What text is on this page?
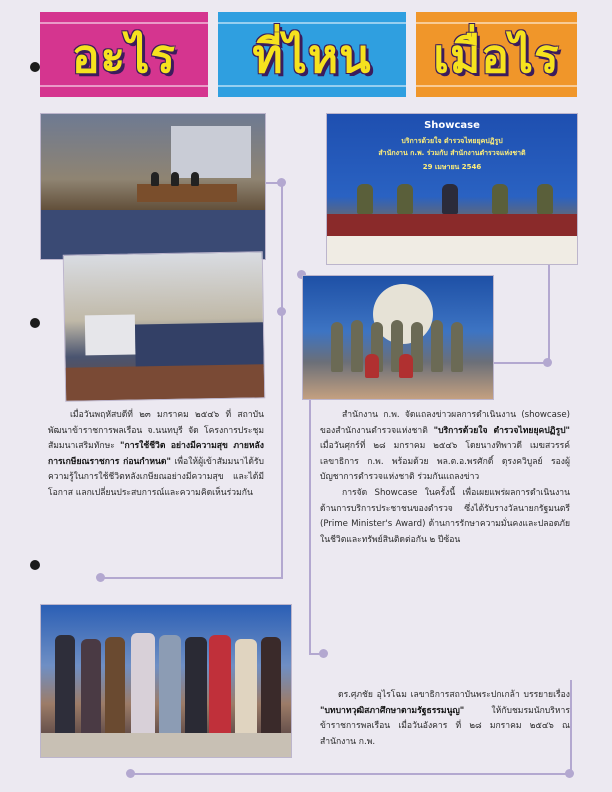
อะไร	ที่ไหน	เมื่อไร
Showcase
บริการด้วยใจ ตำรวจไทยยุคปฏิรูป
สำนักงาน ก.พ. ร่วมกับ สำนักงานตำรวจแห่งชาติ
29 เมษายน 2546

เมื่อวันพฤหัสบดีที่ ๒๓ มกราคม ๒๕๔๖ ที่ สถาบันพัฒนาข้าราชการพลเรือน จ.นนทบุรี จัด โครงการประชุมสัมมนาเสริมทักษะ "การใช้ชีวิต อย่างมีความสุข ภายหลังการเกษียณราชการ ก่อนกำหนด" เพื่อให้ผู้เข้าสัมมนาได้รับความรู้ในการใช้ชีวิตหลังเกษียณอย่างมีความสุข และได้มีโอกาส แลกเปลี่ยนประสบการณ์และความคิดเห็นร่วมกัน

สำนักงาน ก.พ. จัดแถลงข่าวผลการดำเนินงาน (showcase) ของสำนักงานตำรวจแห่งชาติ "บริการด้วยใจ ตำรวจไทยยุคปฏิรูป" เมื่อวันศุกร์ที่ ๒๘ มกราคม ๒๕๔๖ โดยนางทิพาวดี เมฆสวรรค์ เลขาธิการ ก.พ. พร้อมด้วย พล.ต.อ.พรศักดิ์ ดุรงควิบูลย์ รองผู้บัญชาการตำรวจแห่งชาติ ร่วมกันแถลงข่าว

การจัด Showcase ในครั้งนี้ เพื่อเผยแพร่ผลการดำเนินงานด้านการบริการประชาชนของตำรวจ ซึ่งได้รับรางวัลนายกรัฐมนตรี (Prime Minister's Award) ด้านการรักษาความมั่นคงและปลอดภัยในชีวิตและทรัพย์สินติดต่อกัน ๒ ปีซ้อน

ดร.ศุภชัย อุไรโฉม เลขาธิการสถาบันพระปกเกล้า บรรยายเรื่อง "บทบาทวุฒิสภาศึกษาตามรัฐธรรมนูญ" ให้กับชมรมนักบริหารข้าราชการพลเรือน เมื่อวันอังคาร ที่ ๒๘ มกราคม ๒๕๔๖ ณ สำนักงาน ก.พ.
